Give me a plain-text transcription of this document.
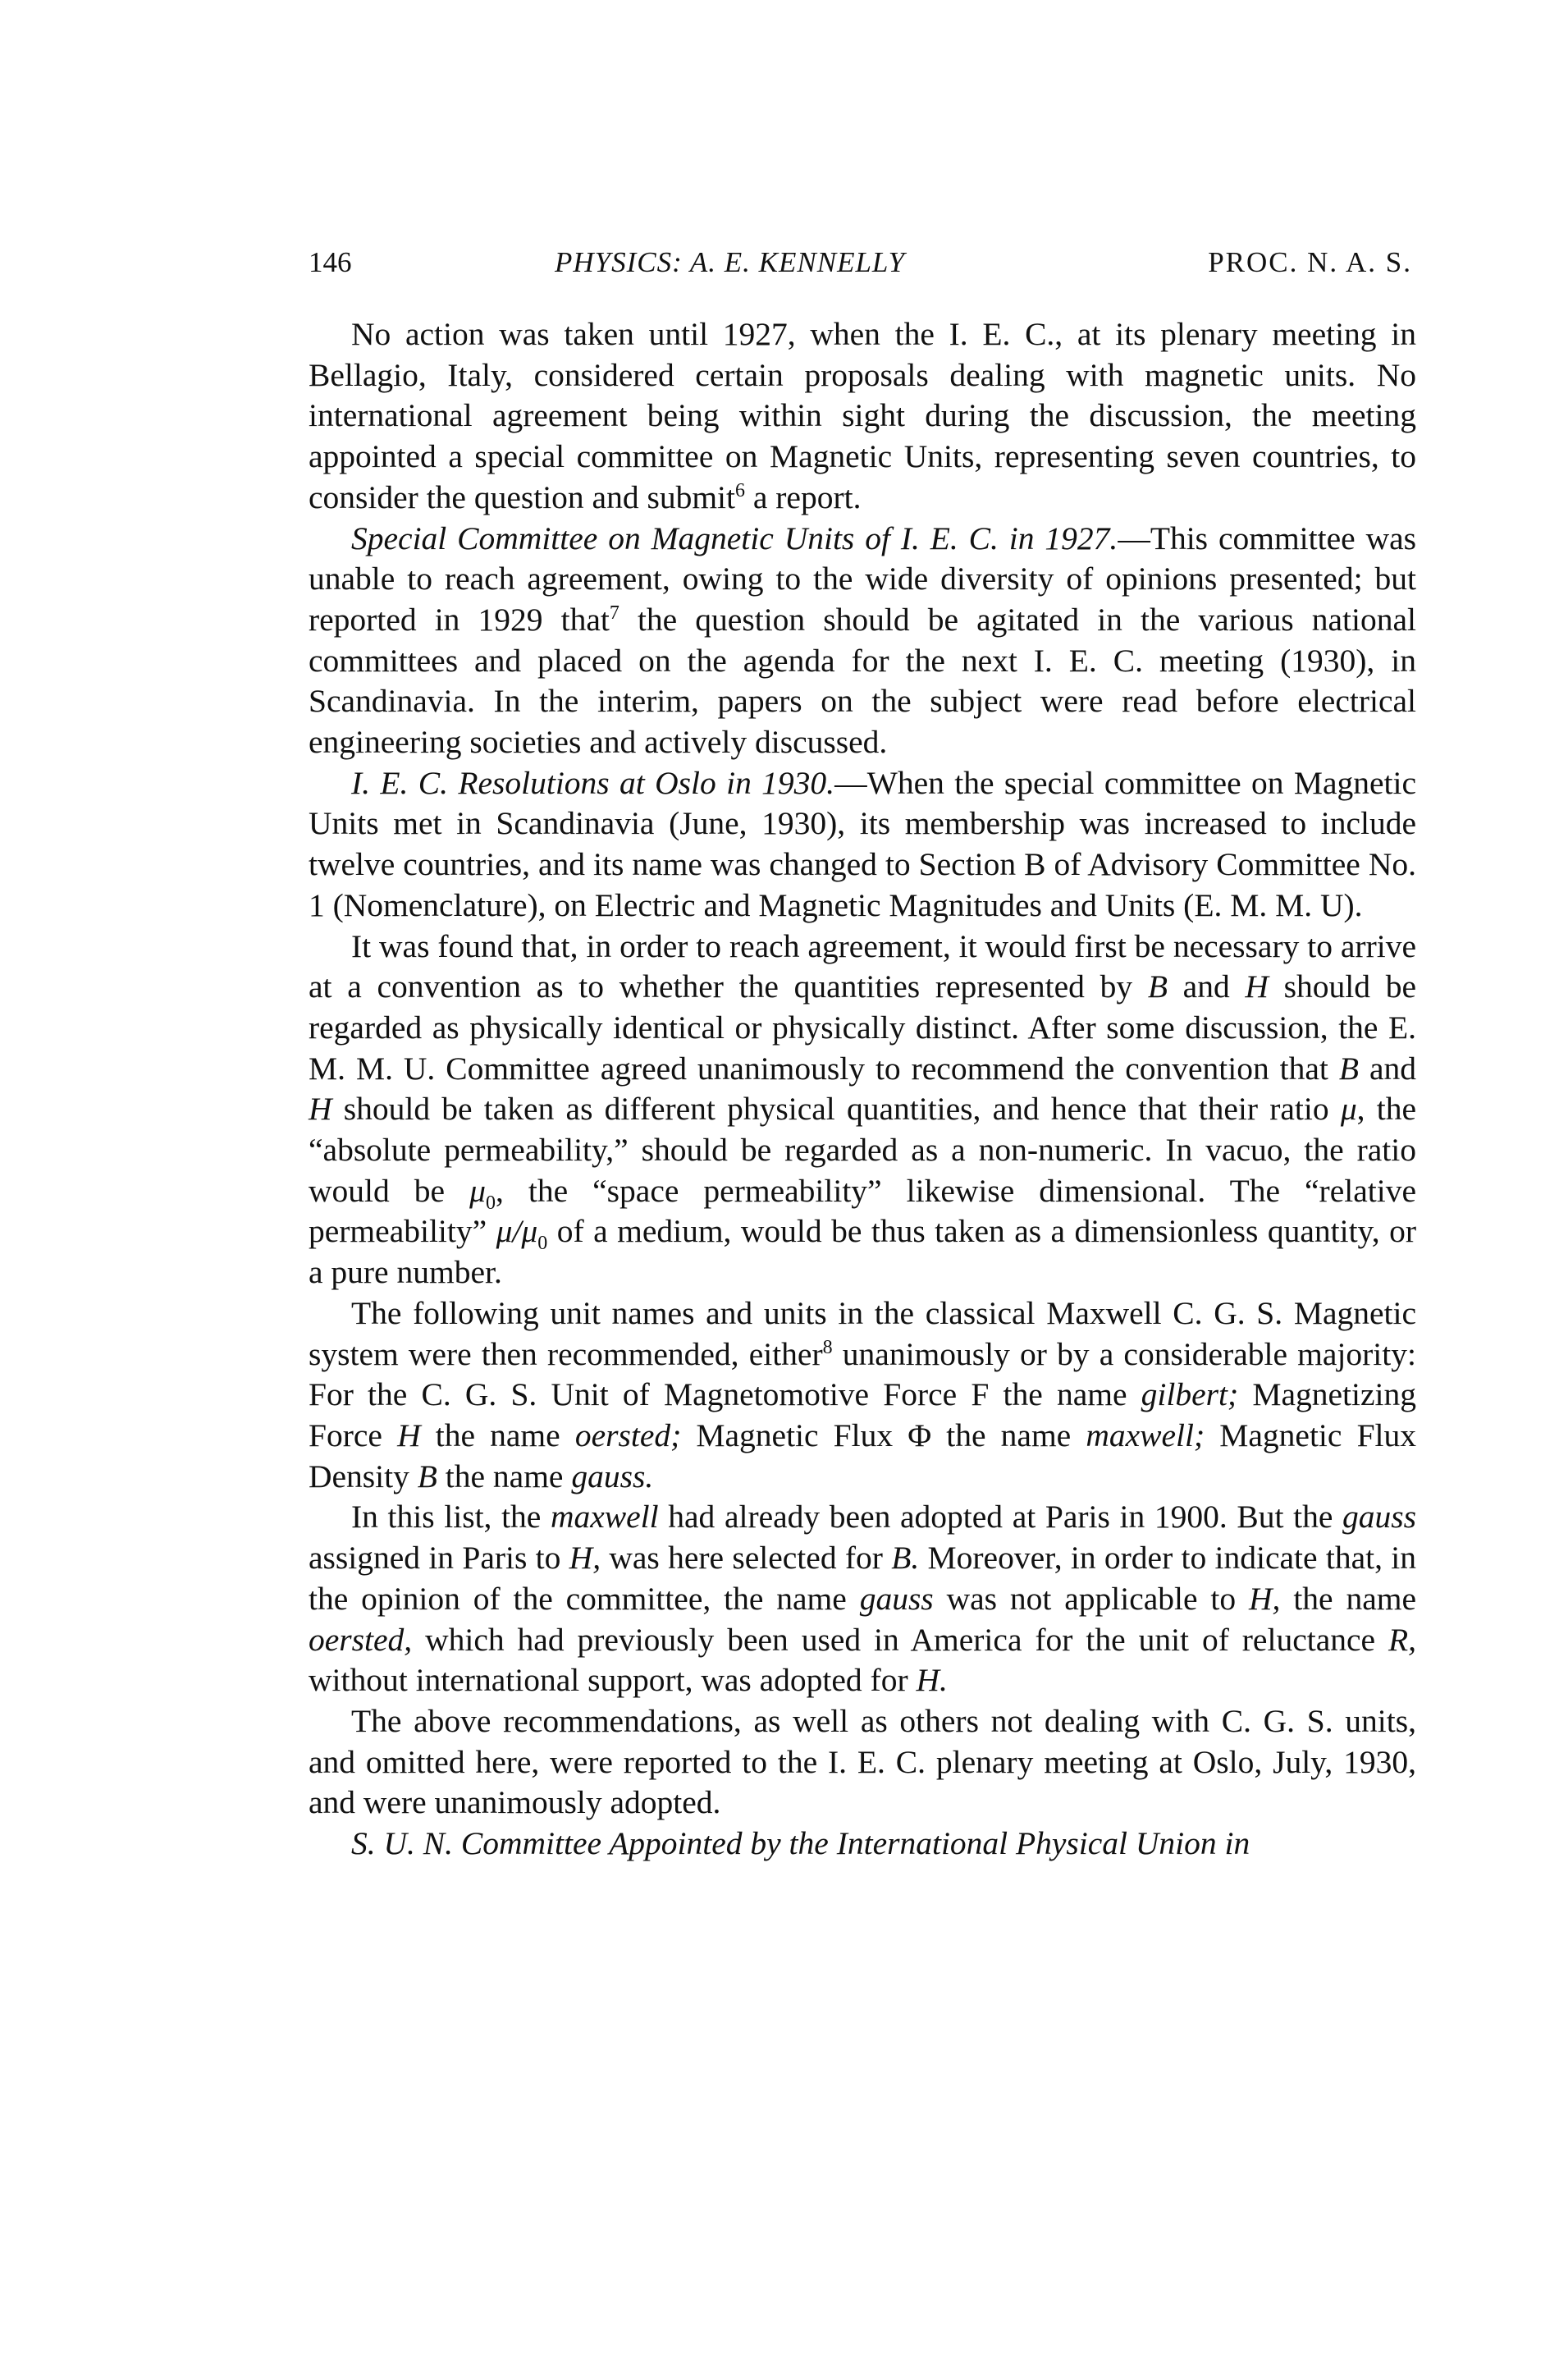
146	PHYSICS: A. E. KENNELLY	PROC. N. A. S.

No action was taken until 1927, when the I. E. C., at its plenary meeting in Bellagio, Italy, considered certain proposals dealing with magnetic units. No international agreement being within sight during the discussion, the meeting appointed a special committee on Magnetic Units, representing seven countries, to consider the question and submit$^6$ a report.

Special Committee on Magnetic Units of I. E. C. in 1927.—This committee was unable to reach agreement, owing to the wide diversity of opinions presented; but reported in 1929 that$^7$ the question should be agitated in the various national committees and placed on the agenda for the next I. E. C. meeting (1930), in Scandinavia. In the interim, papers on the subject were read before electrical engineering societies and actively discussed.

I. E. C. Resolutions at Oslo in 1930.—When the special committee on Magnetic Units met in Scandinavia (June, 1930), its membership was increased to include twelve countries, and its name was changed to Section B of Advisory Committee No. 1 (Nomenclature), on Electric and Magnetic Magnitudes and Units (E. M. M. U).

It was found that, in order to reach agreement, it would first be necessary to arrive at a convention as to whether the quantities represented by B and H should be regarded as physically identical or physically distinct. After some discussion, the E. M. M. U. Committee agreed unanimously to recommend the convention that B and H should be taken as different physical quantities, and hence that their ratio μ, the “absolute permeability,” should be regarded as a non-numeric. In vacuo, the ratio would be $\mu_0$, the “space permeability” likewise dimensional. The “relative permeability” $\mu/\mu_0$ of a medium, would be thus taken as a dimensionless quantity, or a pure number.

The following unit names and units in the classical Maxwell C. G. S. Magnetic system were then recommended, either$^8$ unanimously or by a considerable majority: For the C. G. S. Unit of Magnetomotive Force F the name gilbert; Magnetizing Force H the name oersted; Magnetic Flux Φ the name maxwell; Magnetic Flux Density B the name gauss.

In this list, the maxwell had already been adopted at Paris in 1900. But the gauss assigned in Paris to H, was here selected for B. Moreover, in order to indicate that, in the opinion of the committee, the name gauss was not applicable to H, the name oersted, which had previously been used in America for the unit of reluctance R, without international support, was adopted for H.

The above recommendations, as well as others not dealing with C. G. S. units, and omitted here, were reported to the I. E. C. plenary meeting at Oslo, July, 1930, and were unanimously adopted.

S. U. N. Committee Appointed by the International Physical Union in
